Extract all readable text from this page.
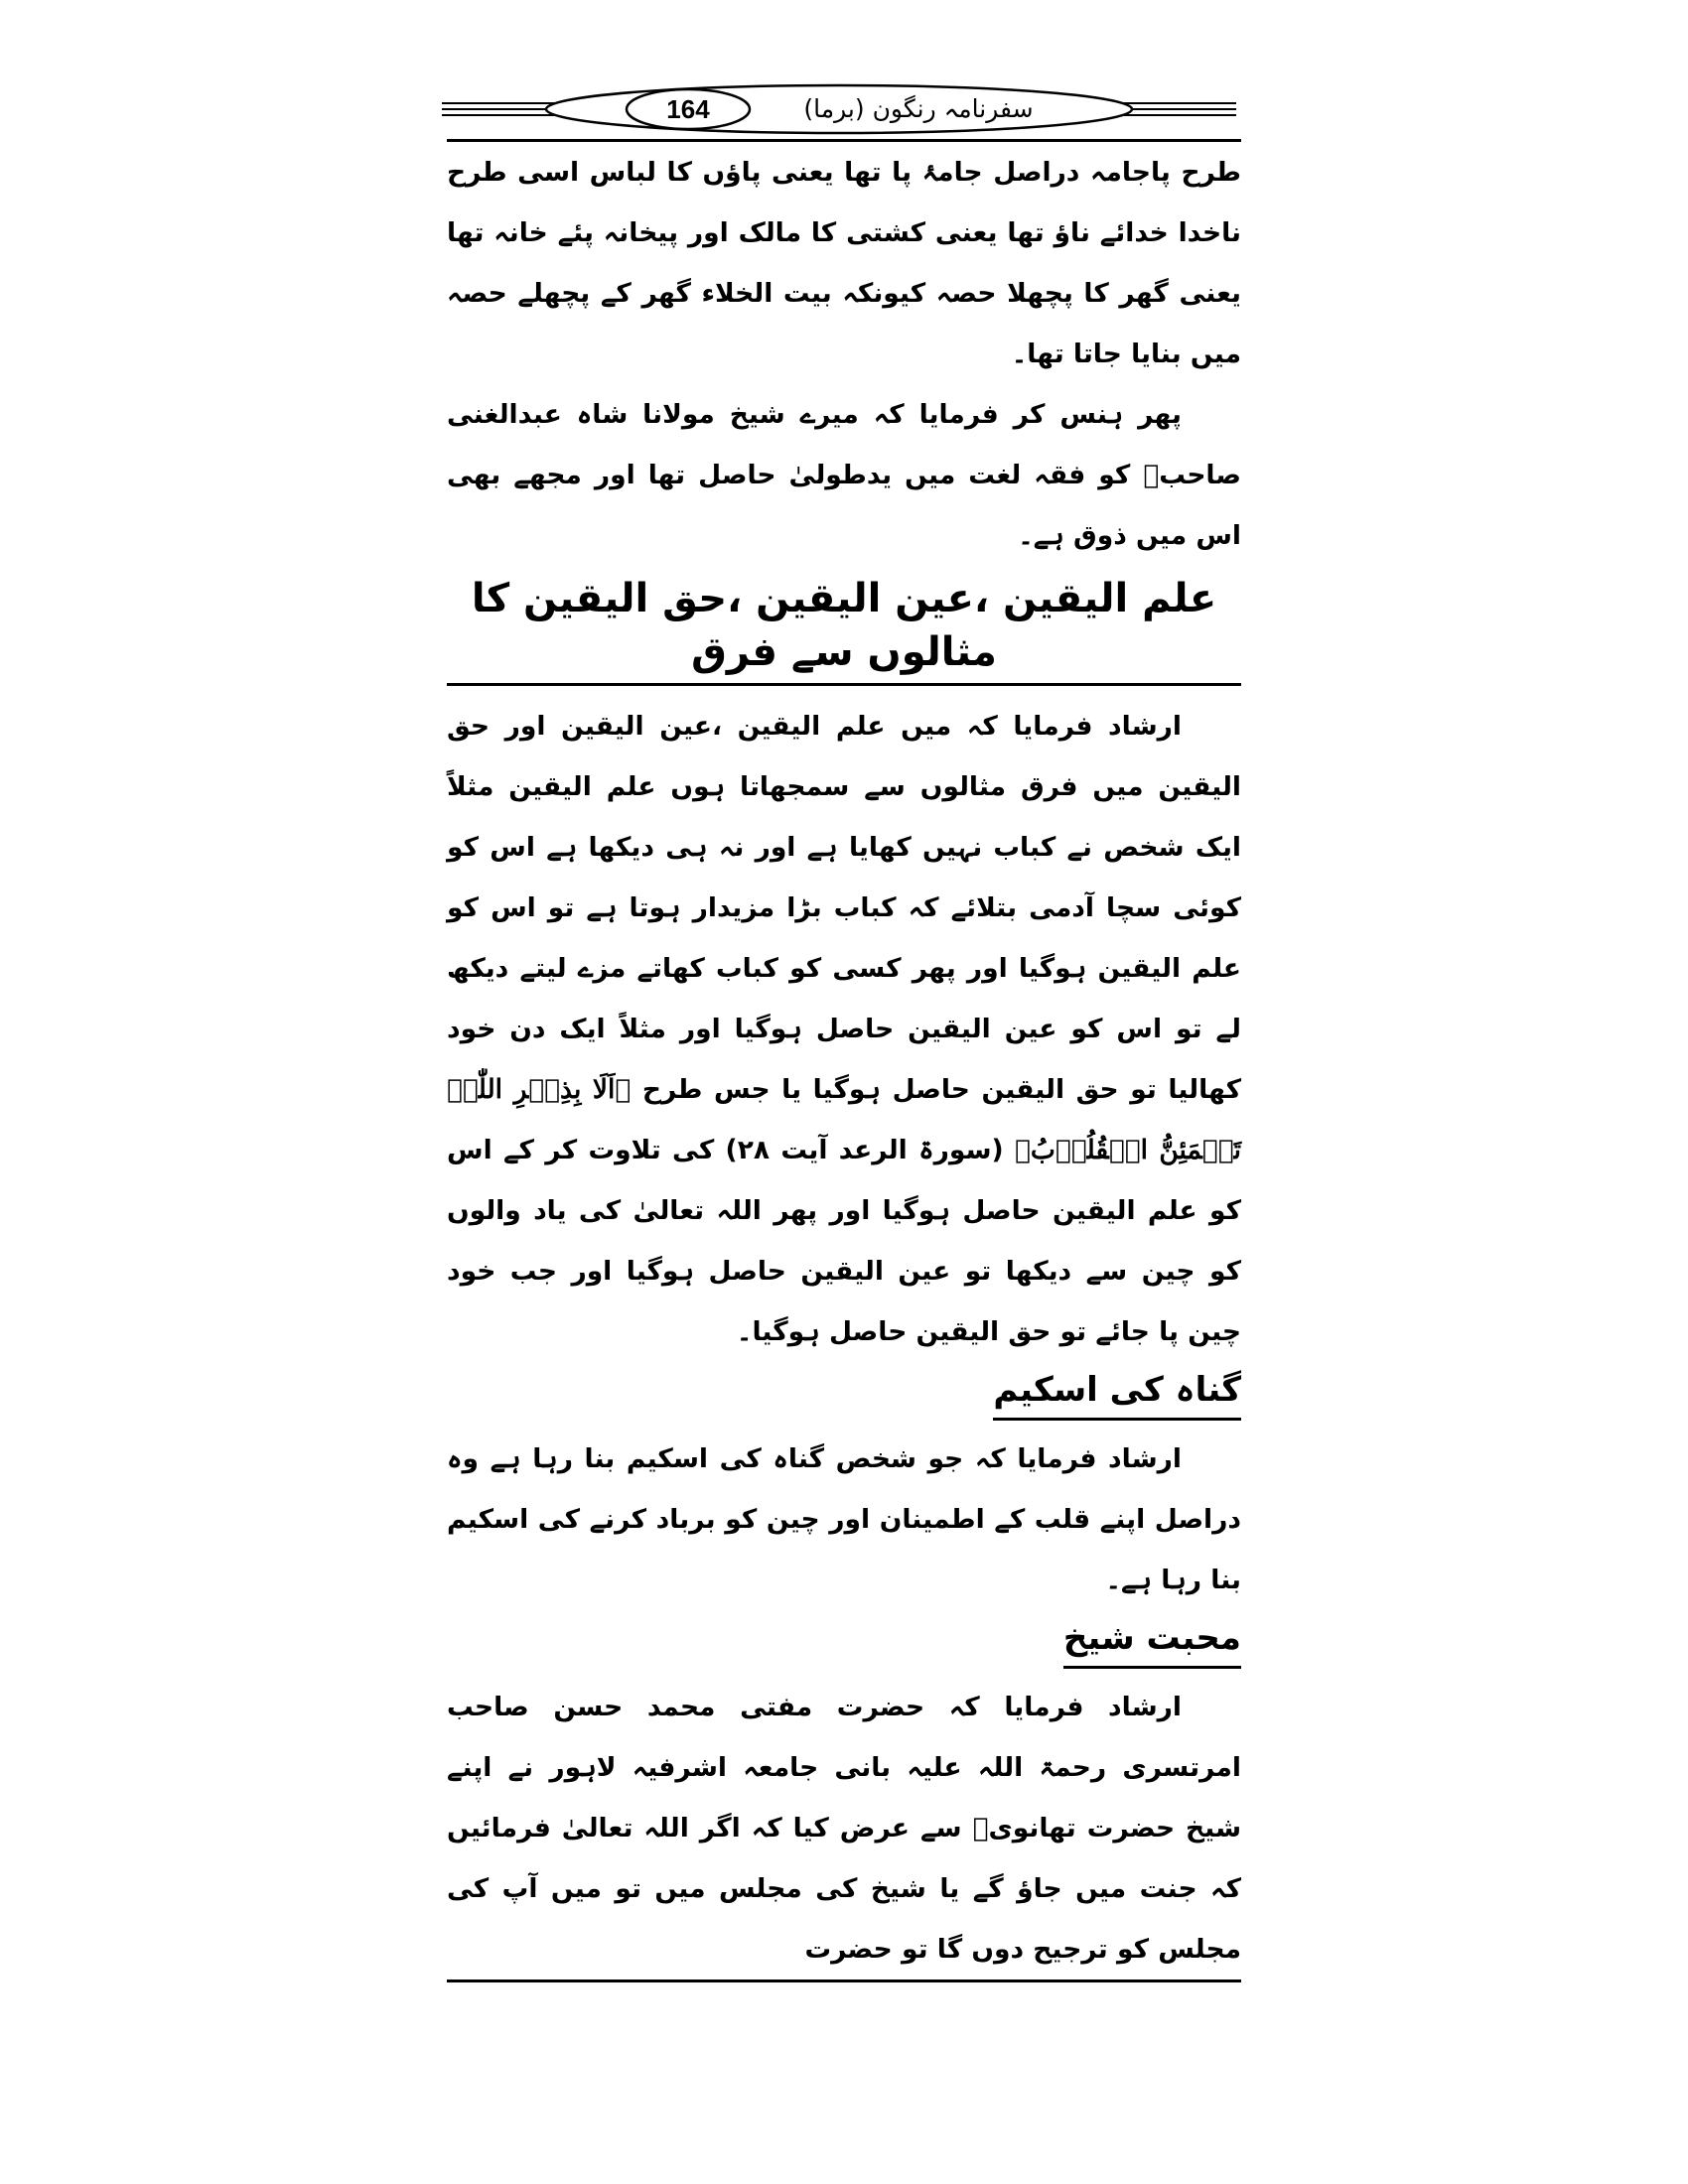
164	سفرنامہ رنگون (برما)

طرح پاجامہ دراصل جامۂ پا تھا یعنی پاؤں کا لباس اسی طرح ناخدا خدائے ناؤ تھا یعنی کشتی کا مالک اور پیخانہ پئے خانہ تھا یعنی گھر کا پچھلا حصہ کیونکہ بیت الخلاء گھر کے پچھلے حصہ میں بنایا جاتا تھا۔

پھر ہنس کر فرمایا کہ میرے شیخ مولانا شاہ عبدالغنی صاحبؒ کو فقہ لغت میں یدطولیٰ حاصل تھا اور مجھے بھی اس میں ذوق ہے۔

علم الیقین ،عین الیقین ،حق الیقین کا مثالوں سے فرق

ارشاد فرمایا کہ میں علم الیقین ،عین الیقین اور حق الیقین میں فرق مثالوں سے سمجھاتا ہوں علم الیقین مثلاً ایک شخص نے کباب نہیں کھایا ہے اور نہ ہی دیکھا ہے اس کو کوئی سچا آدمی بتلائے کہ کباب بڑا مزیدار ہوتا ہے تو اس کو علم الیقین ہوگیا اور پھر کسی کو کباب کھاتے مزے لیتے دیکھ لے تو اس کو عین الیقین حاصل ہوگیا اور مثلاً ایک دن خود کھالیا تو حق الیقین حاصل ہوگیا یا جس طرح ﴿اَلَا بِذِکۡرِ اللّٰہِ تَطۡمَئِنُّ الۡقُلُوۡبُ﴾ (سورۃ الرعد آیت ۲۸) کی تلاوت کر کے اس کو علم الیقین حاصل ہوگیا اور پھر اللہ تعالیٰ کی یاد والوں کو چین سے دیکھا تو عین الیقین حاصل ہوگیا اور جب خود چین پا جائے تو حق الیقین حاصل ہوگیا۔

گناہ کی اسکیم

ارشاد فرمایا کہ جو شخص گناہ کی اسکیم بنا رہا ہے وہ دراصل اپنے قلب کے اطمینان اور چین کو برباد کرنے کی اسکیم بنا رہا ہے۔

محبت شیخ

ارشاد فرمایا کہ حضرت مفتی محمد حسن صاحب امرتسری رحمۃ اللہ علیہ بانی جامعہ اشرفیہ لاہور نے اپنے شیخ حضرت تھانویؒ سے عرض کیا کہ اگر اللہ تعالیٰ فرمائیں کہ جنت میں جاؤ گے یا شیخ کی مجلس میں تو میں آپ کی مجلس کو ترجیح دوں گا تو حضرت
